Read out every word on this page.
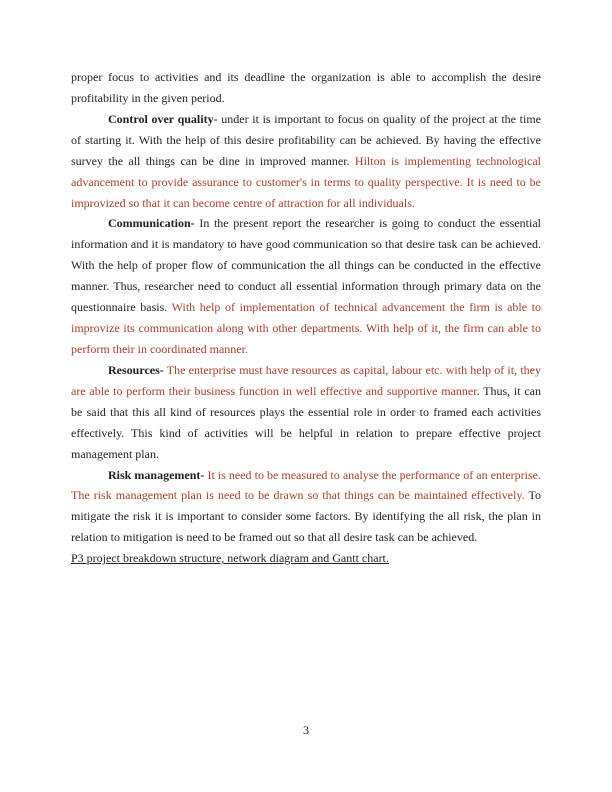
proper focus to activities and its deadline the organization is able to accomplish the desire profitability in the given period.

Control over quality- under it is important to focus on quality of the project at the time of starting it. With the help of this desire profitability can be achieved. By having the effective survey the all things can be dine in improved manner. Hilton is implementing technological advancement to provide assurance to customer's in terms to quality perspective. It is need to be improvized so that it can become centre of attraction for all individuals.

Communication- In the present report the researcher is going to conduct the essential information and it is mandatory to have good communication so that desire task can be achieved. With the help of proper flow of communication the all things can be conducted in the effective manner. Thus, researcher need to conduct all essential information through primary data on the questionnaire basis. With help of implementation of technical advancement the firm is able to improvize its communication along with other departments. With help of it, the firm can able to perform their in coordinated manner.

Resources- The enterprise must have resources as capital, labour etc. with help of it, they are able to perform their business function in well effective and supportive manner. Thus, it can be said that this all kind of resources plays the essential role in order to framed each activities effectively. This kind of activities will be helpful in relation to prepare effective project management plan.

Risk management- It is need to be measured to analyse the performance of an enterprise. The risk management plan is need to be drawn so that things can be maintained effectively. To mitigate the risk it is important to consider some factors. By identifying the all risk, the plan in relation to mitigation is need to be framed out so that all desire task can be achieved.

P3 project breakdown structure, network diagram and Gantt chart.

3
